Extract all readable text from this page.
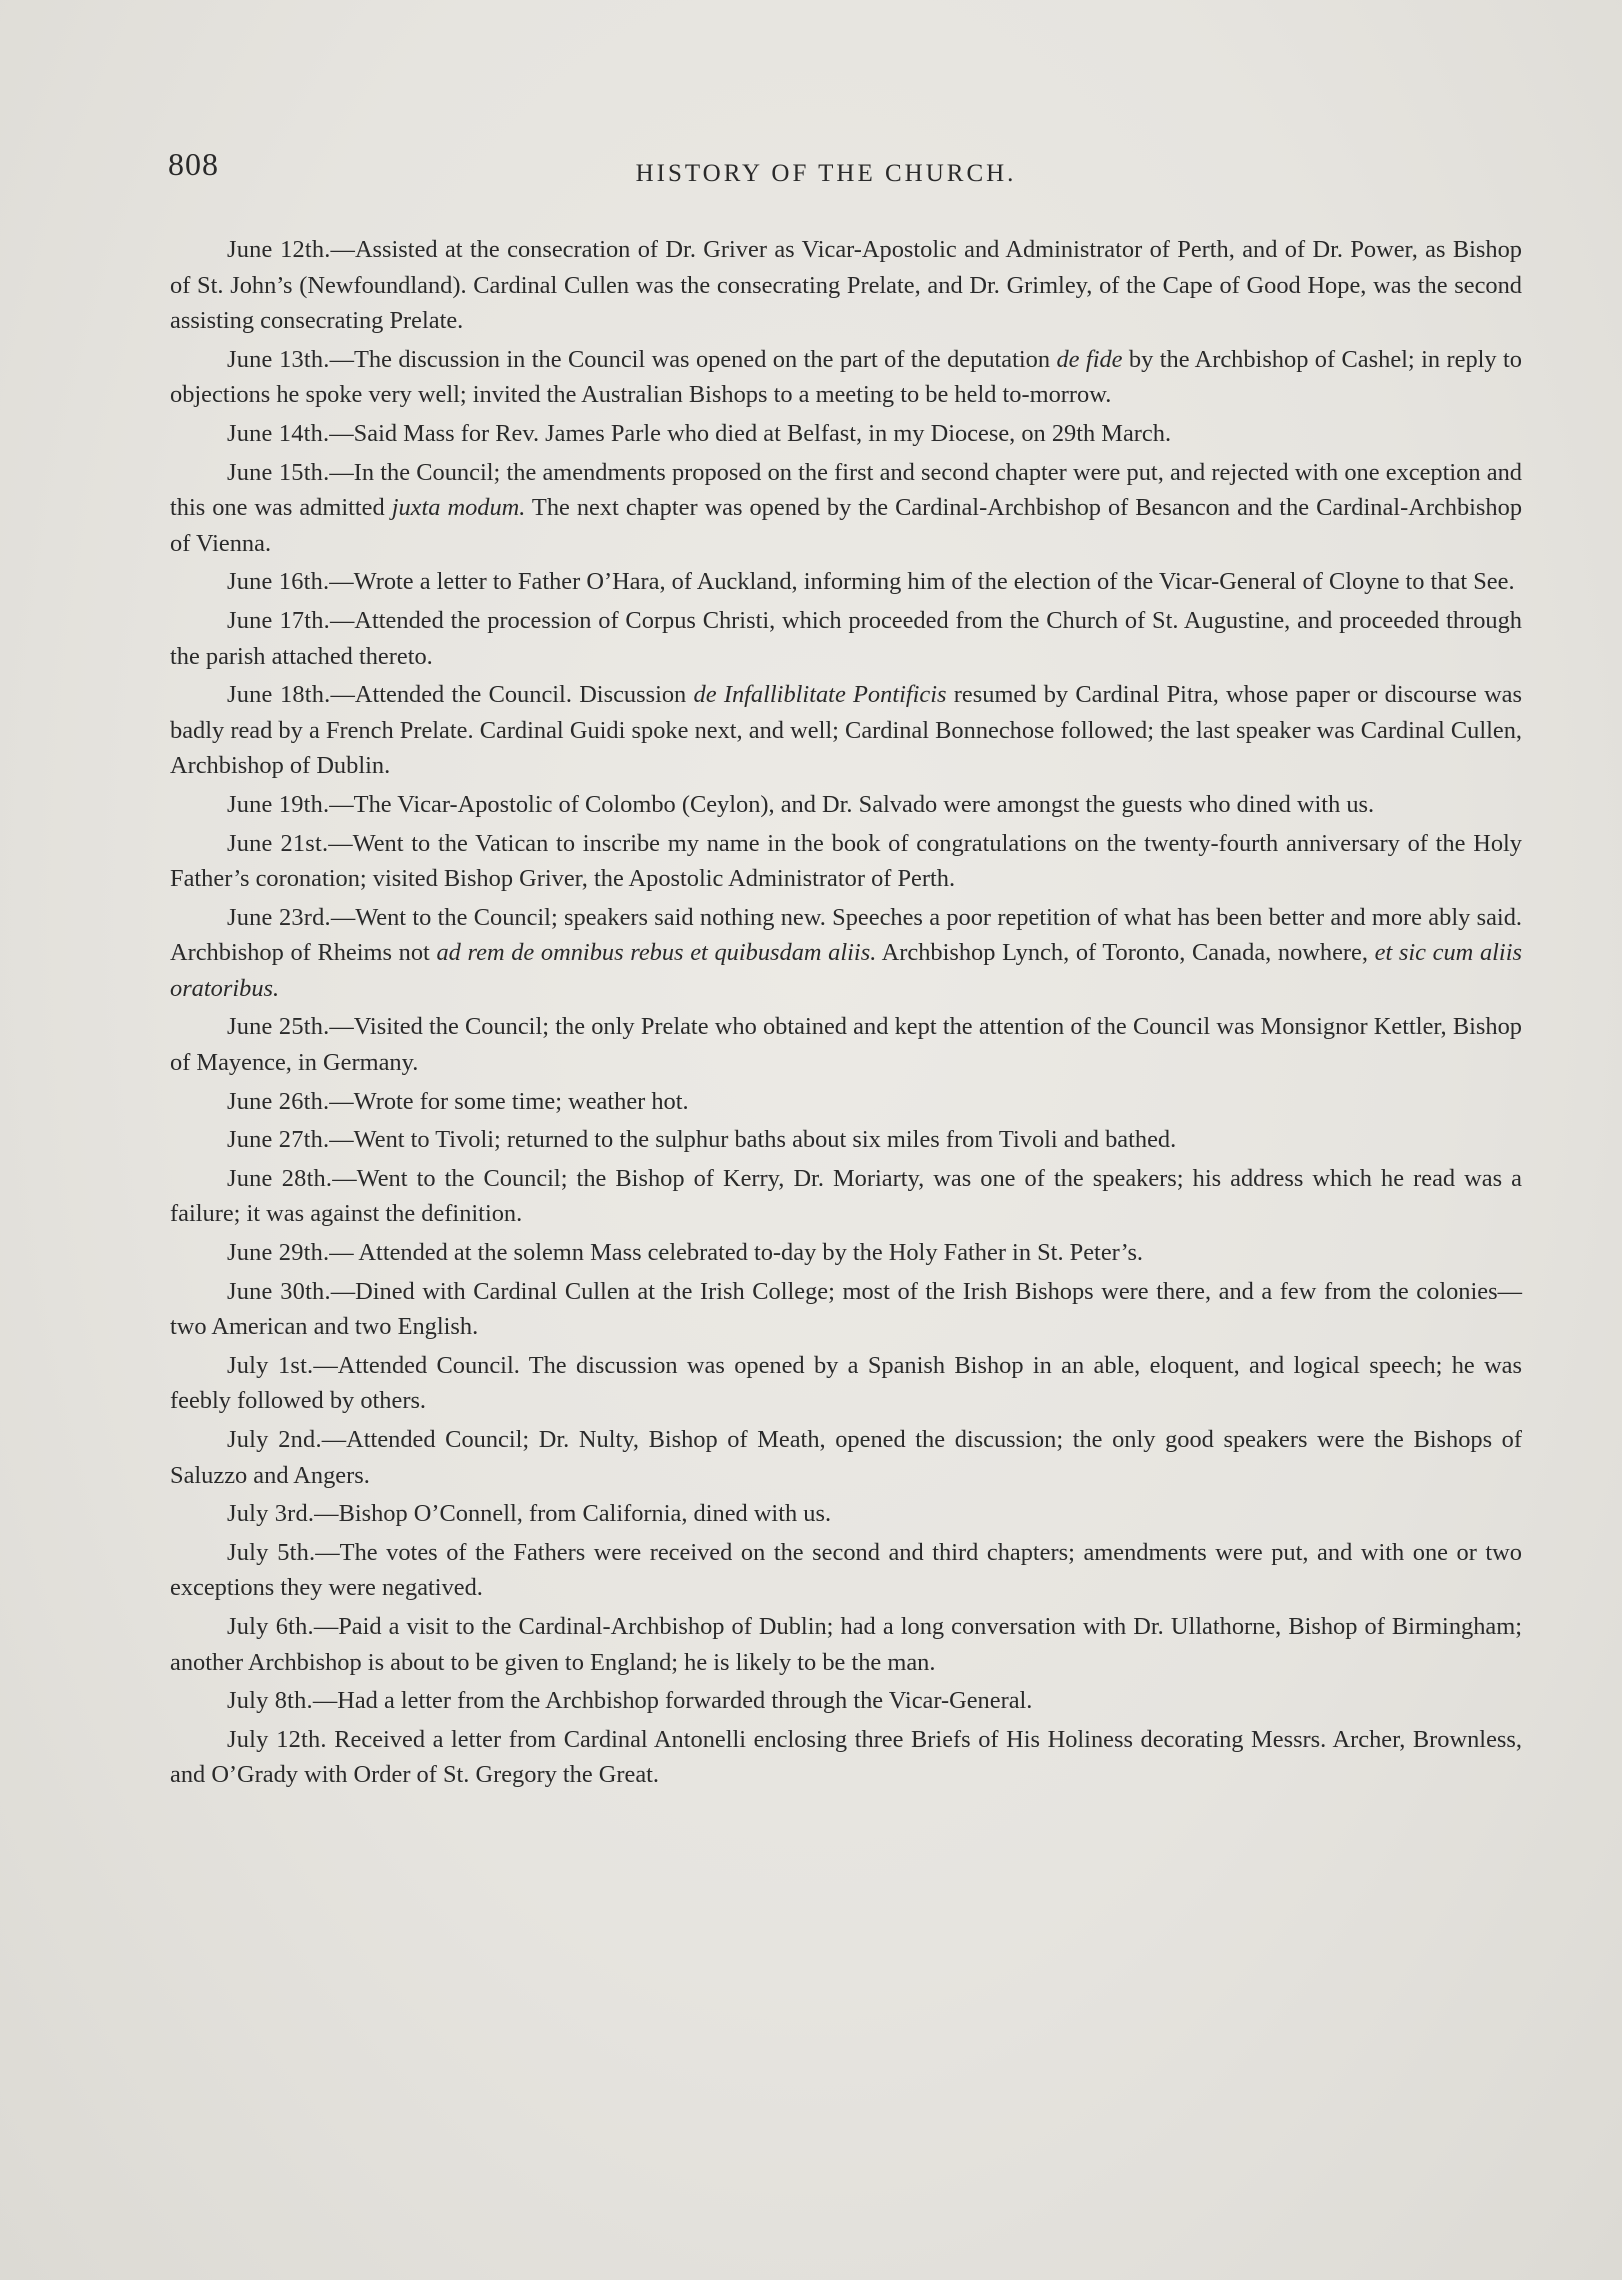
808	HISTORY OF THE CHURCH.

June 12th.—Assisted at the consecration of Dr. Griver as Vicar-Apostolic and Administrator of Perth, and of Dr. Power, as Bishop of St. John’s (Newfoundland). Cardinal Cullen was the consecrating Prelate, and Dr. Grimley, of the Cape of Good Hope, was the second assisting consecrating Prelate.

June 13th.—The discussion in the Council was opened on the part of the deputation de fide by the Archbishop of Cashel; in reply to objections he spoke very well; invited the Australian Bishops to a meeting to be held to-morrow.

June 14th.—Said Mass for Rev. James Parle who died at Belfast, in my Diocese, on 29th March.

June 15th.—In the Council; the amendments proposed on the first and second chapter were put, and rejected with one exception and this one was admitted juxta modum. The next chapter was opened by the Cardinal-Archbishop of Besancon and the Cardinal-Archbishop of Vienna.

June 16th.—Wrote a letter to Father O’Hara, of Auckland, informing him of the election of the Vicar-General of Cloyne to that See.

June 17th.—Attended the procession of Corpus Christi, which proceeded from the Church of St. Augustine, and proceeded through the parish attached thereto.

June 18th.—Attended the Council. Discussion de Infalliblitate Pontificis resumed by Cardinal Pitra, whose paper or discourse was badly read by a French Prelate. Cardinal Guidi spoke next, and well; Cardinal Bonnechose followed; the last speaker was Cardinal Cullen, Archbishop of Dublin.

June 19th.—The Vicar-Apostolic of Colombo (Ceylon), and Dr. Salvado were amongst the guests who dined with us.

June 21st.—Went to the Vatican to inscribe my name in the book of congratulations on the twenty-fourth anniversary of the Holy Father’s coronation; visited Bishop Griver, the Apostolic Administrator of Perth.

June 23rd.—Went to the Council; speakers said nothing new. Speeches a poor repetition of what has been better and more ably said. Archbishop of Rheims not ad rem de omnibus rebus et quibusdam aliis. Archbishop Lynch, of Toronto, Canada, nowhere, et sic cum aliis oratoribus.

June 25th.—Visited the Council; the only Prelate who obtained and kept the attention of the Council was Monsignor Kettler, Bishop of Mayence, in Germany.

June 26th.—Wrote for some time; weather hot.

June 27th.—Went to Tivoli; returned to the sulphur baths about six miles from Tivoli and bathed.

June 28th.—Went to the Council; the Bishop of Kerry, Dr. Moriarty, was one of the speakers; his address which he read was a failure; it was against the definition.

June 29th.— Attended at the solemn Mass celebrated to-day by the Holy Father in St. Peter’s.

June 30th.—Dined with Cardinal Cullen at the Irish College; most of the Irish Bishops were there, and a few from the colonies—two American and two English.

July 1st.—Attended Council. The discussion was opened by a Spanish Bishop in an able, eloquent, and logical speech; he was feebly followed by others.

July 2nd.—Attended Council; Dr. Nulty, Bishop of Meath, opened the discussion; the only good speakers were the Bishops of Saluzzo and Angers.

July 3rd.—Bishop O’Connell, from California, dined with us.

July 5th.—The votes of the Fathers were received on the second and third chapters; amendments were put, and with one or two exceptions they were negatived.

July 6th.—Paid a visit to the Cardinal-Archbishop of Dublin; had a long conversation with Dr. Ullathorne, Bishop of Birmingham; another Archbishop is about to be given to England; he is likely to be the man.

July 8th.—Had a letter from the Archbishop forwarded through the Vicar-General.

July 12th. Received a letter from Cardinal Antonelli enclosing three Briefs of His Holiness decorating Messrs. Archer, Brownless, and O’Grady with Order of St. Gregory the Great.
